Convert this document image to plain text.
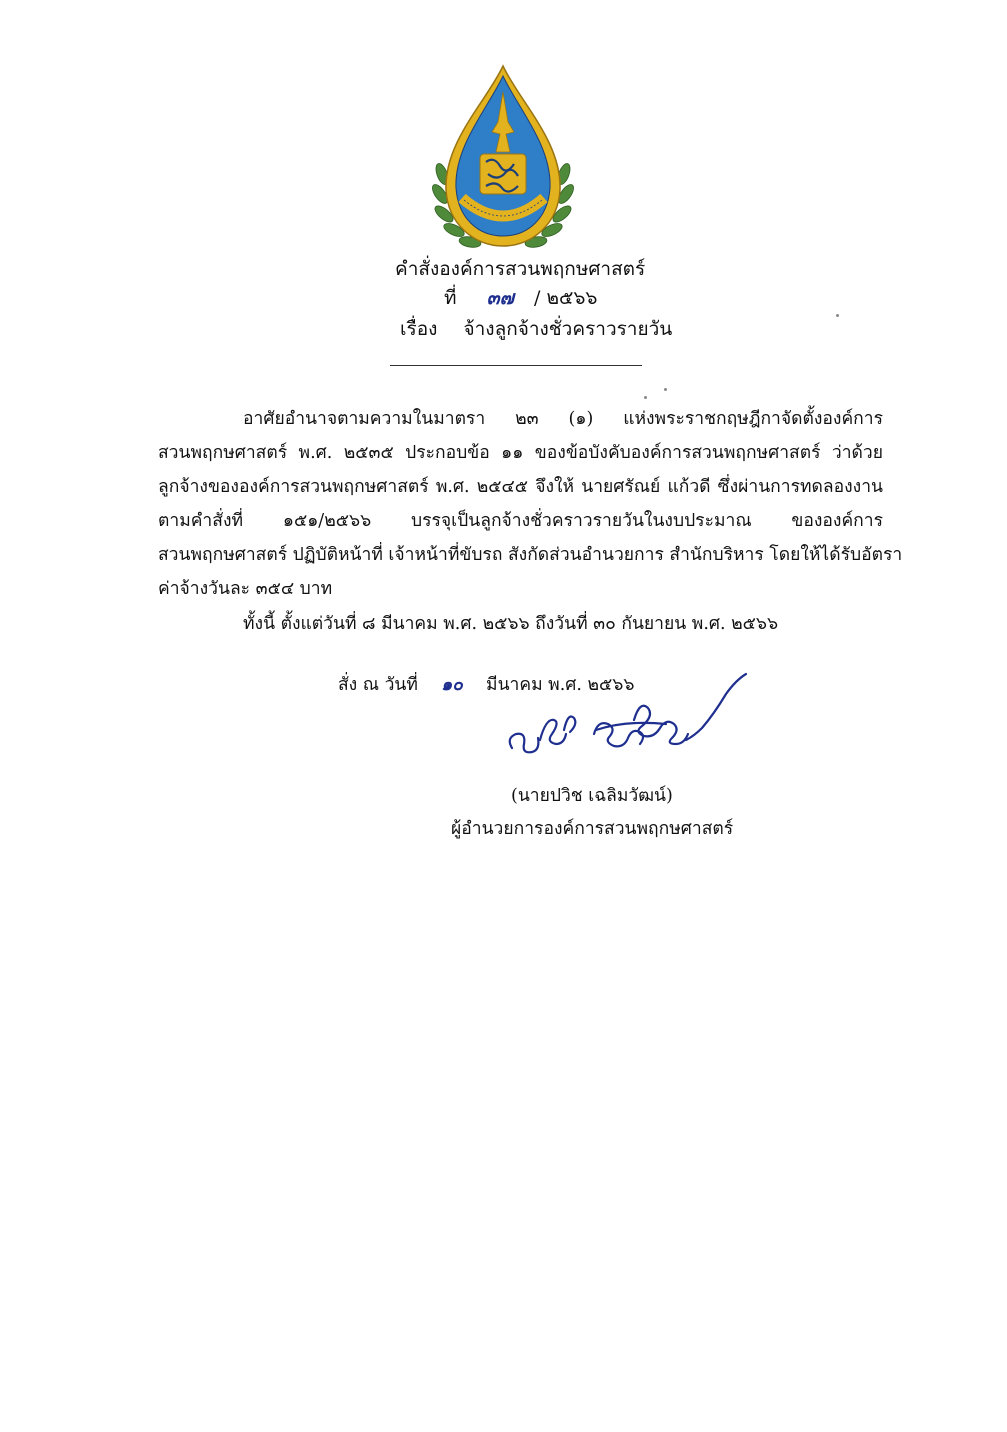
คำสั่งองค์การสวนพฤกษศาสตร์
ที่ ๓๗ / ๒๕๖๖
เรื่อง จ้างลูกจ้างชั่วคราวรายวัน
อาศัยอำนาจตามความในมาตรา ๒๓ (๑) แห่งพระราชกฤษฎีกาจัดตั้งองค์การ
สวนพฤกษศาสตร์ พ.ศ. ๒๕๓๕ ประกอบข้อ ๑๑ ของข้อบังคับองค์การสวนพฤกษศาสตร์ ว่าด้วย
ลูกจ้างขององค์การสวนพฤกษศาสตร์ พ.ศ. ๒๕๔๕ จึงให้ นายศรัณย์ แก้วดี ซึ่งผ่านการทดลองงาน
ตามคำสั่งที่ ๑๕๑/๒๕๖๖ บรรจุเป็นลูกจ้างชั่วคราวรายวันในงบประมาณ ขององค์การ
สวนพฤกษศาสตร์ ปฏิบัติหน้าที่ เจ้าหน้าที่ขับรถ สังกัดส่วนอำนวยการ สำนักบริหาร โดยให้ได้รับอัตรา
ค่าจ้างวันละ ๓๕๔ บาท
ทั้งนี้ ตั้งแต่วันที่ ๘ มีนาคม พ.ศ. ๒๕๖๖ ถึงวันที่ ๓๐ กันยายน พ.ศ. ๒๕๖๖
สั่ง ณ วันที่ ๑๐ มีนาคม พ.ศ. ๒๕๖๖
(นายปวิช เฉลิมวัฒน์)
ผู้อำนวยการองค์การสวนพฤกษศาสตร์
